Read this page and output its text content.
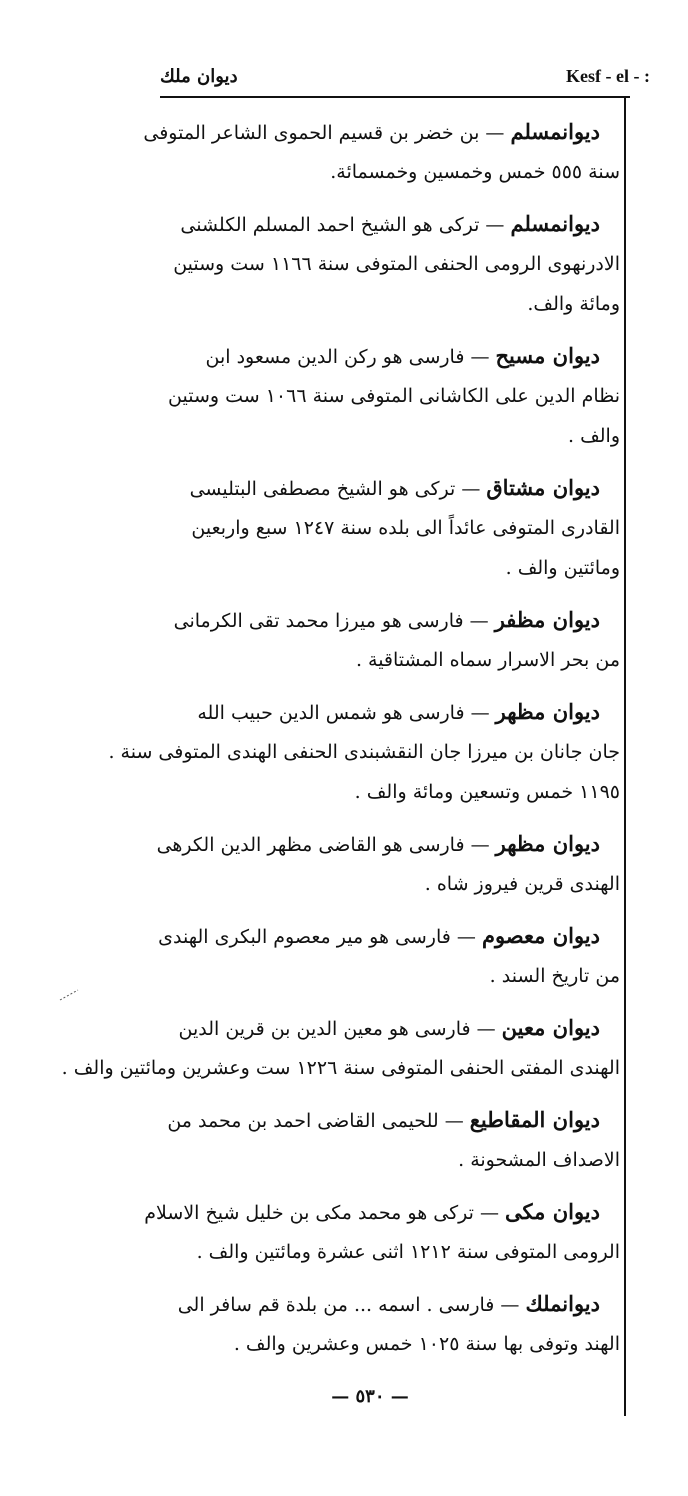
ديوان ملك	Kesf - el - :
ديوانمسلم — بن خضر بن قسيم الحموى الشاعر المتوفى
سنة ٥٥٥ خمس وخمسين وخمسمائة.
ديوانمسلم — تركى هو الشيخ احمد المسلم الكلشنى
الادرنهوى الرومى الحنفى المتوفى سنة ١١٦٦ ست وستين
ومائة والف.
ديوان مسيح — فارسى هو ركن الدين مسعود ابن
نظام الدين على الكاشانى المتوفى سنة ١٠٦٦ ست وستين
والف .
ديوان مشتاق — تركى هو الشيخ مصطفى البتليسى
القادرى المتوفى عائداً الى بلده سنة ١٢٤٧ سبع واربعين
ومائتين والف .
ديوان مظفر — فارسى هو ميرزا محمد تقى الكرمانى
من بحر الاسرار سماه المشتاقية .
ديوان مظهر — فارسى هو شمس الدين حبيب الله
جان جانان بن ميرزا جان النقشبندى الحنفى الهندى المتوفى سنة .
١١٩٥ خمس وتسعين ومائة والف .
ديوان مظهر — فارسى هو القاضى مظهر الدين الكرهى
الهندى قرين فيروز شاه .
ديوان معصوم — فارسى هو مير معصوم البكرى الهندى
من تاريخ السند .
ديوان معين — فارسى هو معين الدين بن قرين الدين
الهندى المفتى الحنفى المتوفى سنة ١٢٢٦ ست وعشرين ومائتين والف .
ديوان المقاطيع — للحيمى القاضى احمد بن محمد من
الاصداف المشحونة .
ديوان مكى — تركى هو محمد مكى بن خليل شيخ الاسلام
الرومى المتوفى سنة ١٢١٢ اثنى عشرة ومائتين والف .
ديوانملك — فارسى . اسمه ... من بلدة قم سافر الى
الهند وتوفى بها سنة ١٠٢٥ خمس وعشرين والف .
— ٥٣٠ —
